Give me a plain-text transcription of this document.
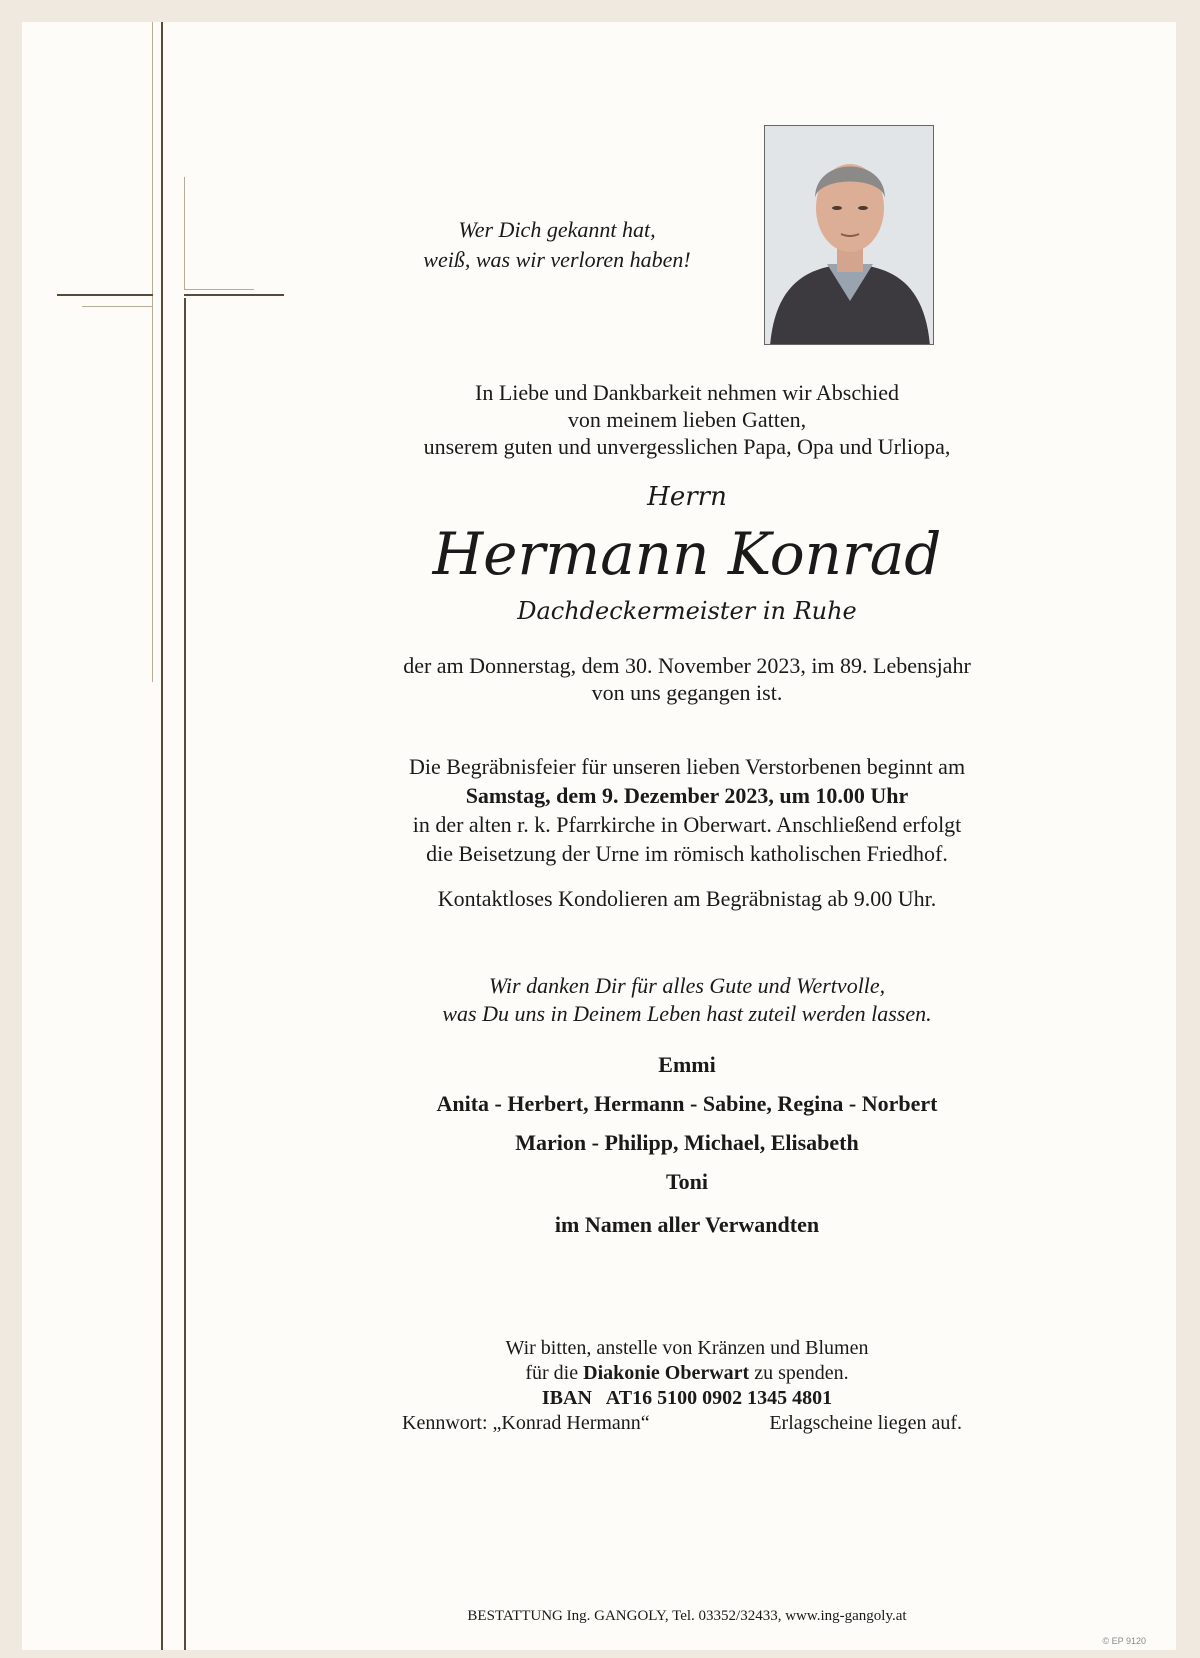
Wer Dich gekannt hat,
weiß, was wir verloren haben!
In Liebe und Dankbarkeit nehmen wir Abschied
von meinem lieben Gatten,
unserem guten und unvergesslichen Papa, Opa und Urliopa,
Herrn
Hermann Konrad
Dachdeckermeister in Ruhe
der am Donnerstag, dem 30. November 2023, im 89. Lebensjahr
von uns gegangen ist.
Die Begräbnisfeier für unseren lieben Verstorbenen beginnt am
Samstag, dem 9. Dezember 2023, um 10.00 Uhr
in der alten r. k. Pfarrkirche in Oberwart. Anschließend erfolgt
die Beisetzung der Urne im römisch katholischen Friedhof.
Kontaktloses Kondolieren am Begräbnistag ab 9.00 Uhr.
Wir danken Dir für alles Gute und Wertvolle,
was Du uns in Deinem Leben hast zuteil werden lassen.
Emmi
Anita - Herbert, Hermann - Sabine, Regina - Norbert
Marion - Philipp, Michael, Elisabeth
Toni
im Namen aller Verwandten
Wir bitten, anstelle von Kränzen und Blumen
für die Diakonie Oberwart zu spenden.
IBAN   AT16 5100 0902 1345 4801
Kennwort: „Konrad Hermann“	Erlagscheine liegen auf.
BESTATTUNG Ing. GANGOLY, Tel. 03352/32433, www.ing-gangoly.at
© EP 9120
